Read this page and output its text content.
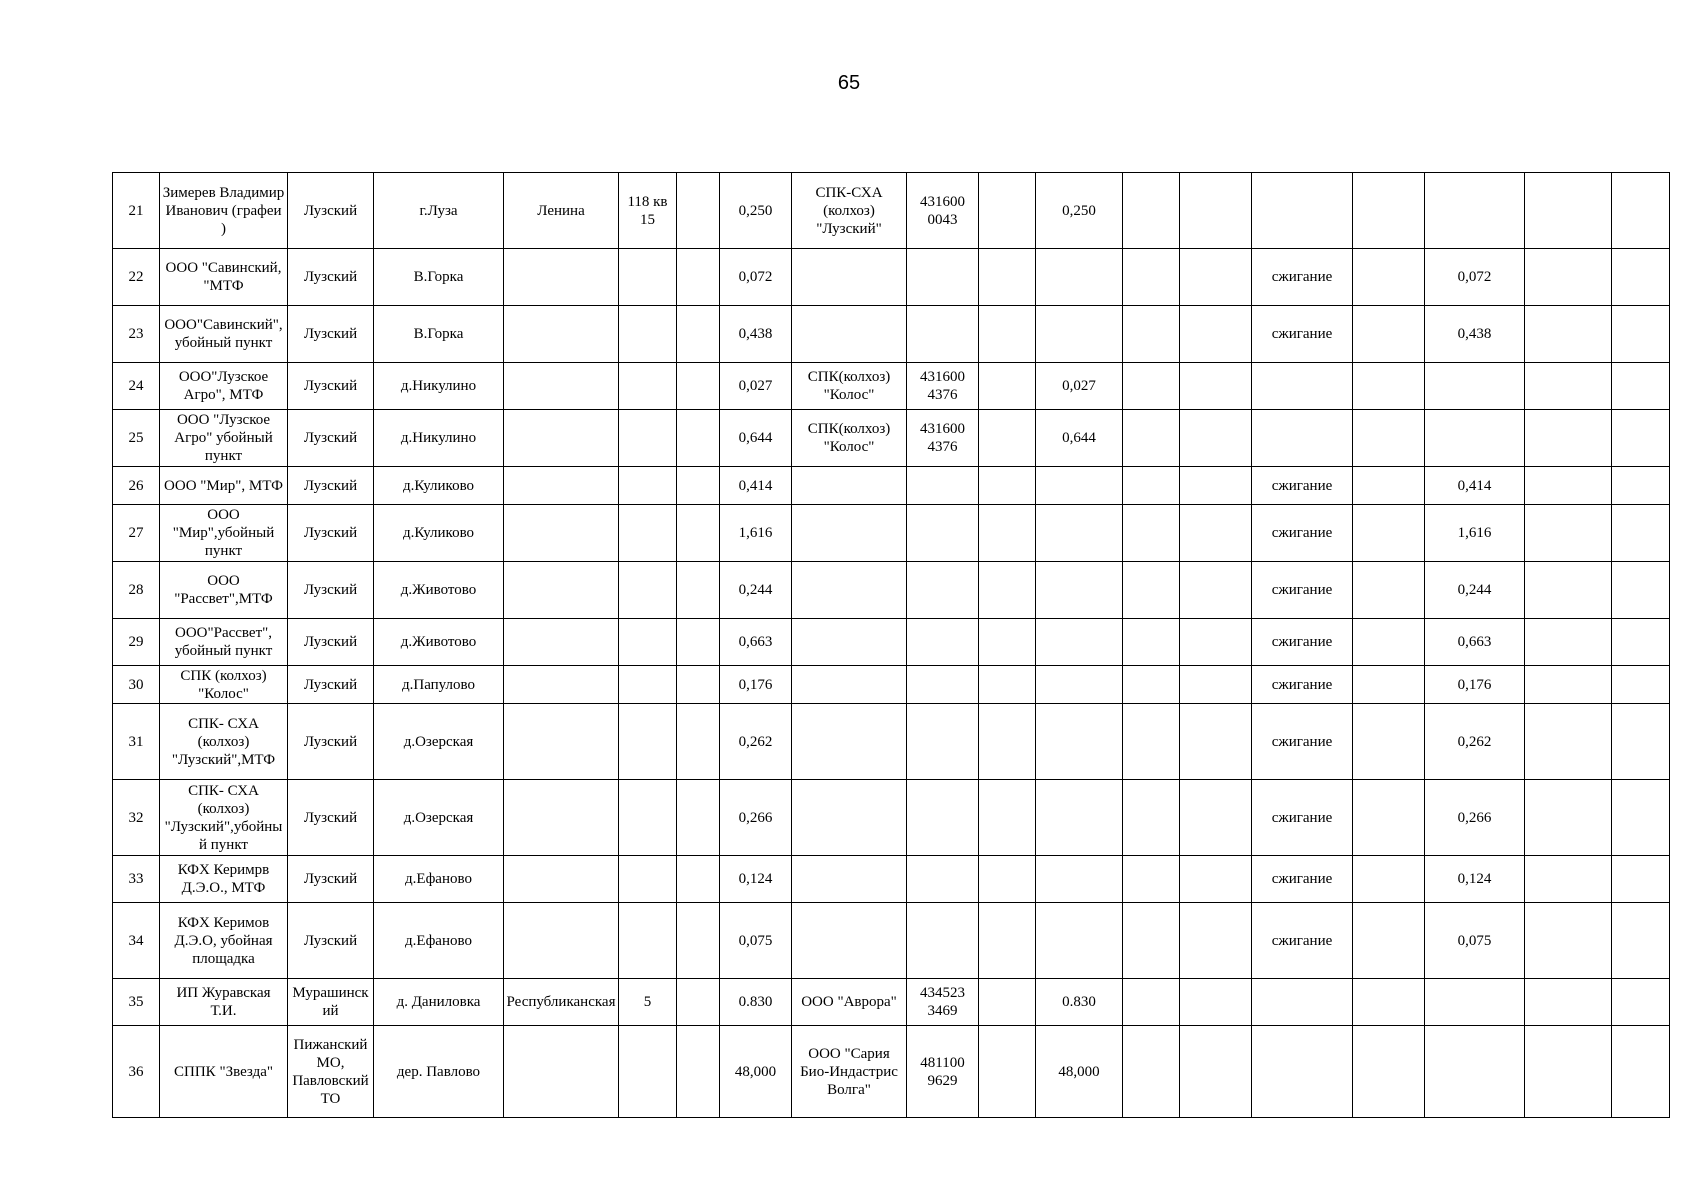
65
21	Зимерев Владимир Иванович (графеи )	Лузский	г.Луза	Ленина	118 кв 15		0,250	СПК-СХА (колхоз) "Лузский"	431600 0043		0,250							
22	ООО "Савинский, "МТФ	Лузский	В.Горка				0,072							сжигание		0,072		
23	ООО"Савинский", убойный пункт	Лузский	В.Горка				0,438							сжигание		0,438		
24	ООО"Лузское Агро", МТФ	Лузский	д.Никулино				0,027	СПК(колхоз) "Колос"	431600 4376		0,027							
25	ООО "Лузское Агро" убойный пункт	Лузский	д.Никулино				0,644	СПК(колхоз) "Колос"	431600 4376		0,644							
26	ООО "Мир", МТФ	Лузский	д.Куликово				0,414							сжигание		0,414		
27	ООО "Мир",убойный пункт	Лузский	д.Куликово				1,616							сжигание		1,616		
28	ООО "Рассвет",МТФ	Лузский	д.Животово				0,244							сжигание		0,244		
29	ООО"Рассвет", убойный пункт	Лузский	д.Животово				0,663							сжигание		0,663		
30	СПК (колхоз) "Колос"	Лузский	д.Папулово				0,176							сжигание		0,176		
31	СПК- СХА (колхоз) "Лузский",МТФ	Лузский	д.Озерская				0,262							сжигание		0,262		
32	СПК- СХА (колхоз) "Лузский",убойный пункт	Лузский	д.Озерская				0,266							сжигание		0,266		
33	КФХ Керимрв Д.Э.О., МТФ	Лузский	д.Ефаново				0,124							сжигание		0,124		
34	КФХ Керимов Д.Э.О, убойная площадка	Лузский	д.Ефаново				0,075							сжигание		0,075		
35	ИП Журавская Т.И.	Мурашинский	д. Даниловка	Республиканская	5		0.830	ООО "Аврора"	434523 3469		0.830							
36	СППК "Звезда"	Пижанский МО, Павловский ТО	дер. Павлово				48,000	ООО "Сария Био-Индастрис Волга"	481100 9629		48,000							
